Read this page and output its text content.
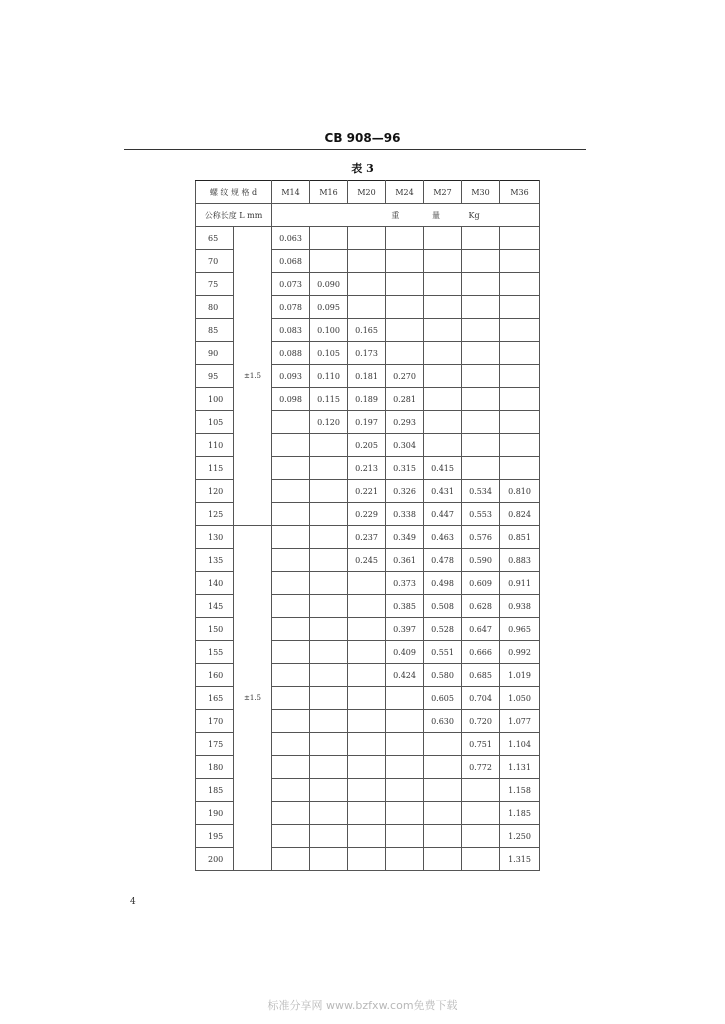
CB 908—96
表 3
螺 纹 规 格 d		M14	M16	M20	M24	M27	M30	M36
公称长度 L mm		重 量 Kg						
65	±1.5	0.063						
70		0.068						
75		0.073	0.090					
80		0.078	0.095					
85		0.083	0.100	0.165				
90		0.088	0.105	0.173				
95		0.093	0.110	0.181	0.270			
100		0.098	0.115	0.189	0.281			
105			0.120	0.197	0.293			
110				0.205	0.304			
115				0.213	0.315	0.415		
120				0.221	0.326	0.431	0.534	0.810
125				0.229	0.338	0.447	0.553	0.824
130	±1.5			0.237	0.349	0.463	0.576	0.851
135				0.245	0.361	0.478	0.590	0.883
140					0.373	0.498	0.609	0.911
145					0.385	0.508	0.628	0.938
150					0.397	0.528	0.647	0.965
155					0.409	0.551	0.666	0.992
160					0.424	0.580	0.685	1.019
165						0.605	0.704	1.050
170						0.630	0.720	1.077
175							0.751	1.104
180							0.772	1.131
185								1.158
190								1.185
195								1.250
200								1.315
4
标准分享网 www.bzfxw.com免费下载
